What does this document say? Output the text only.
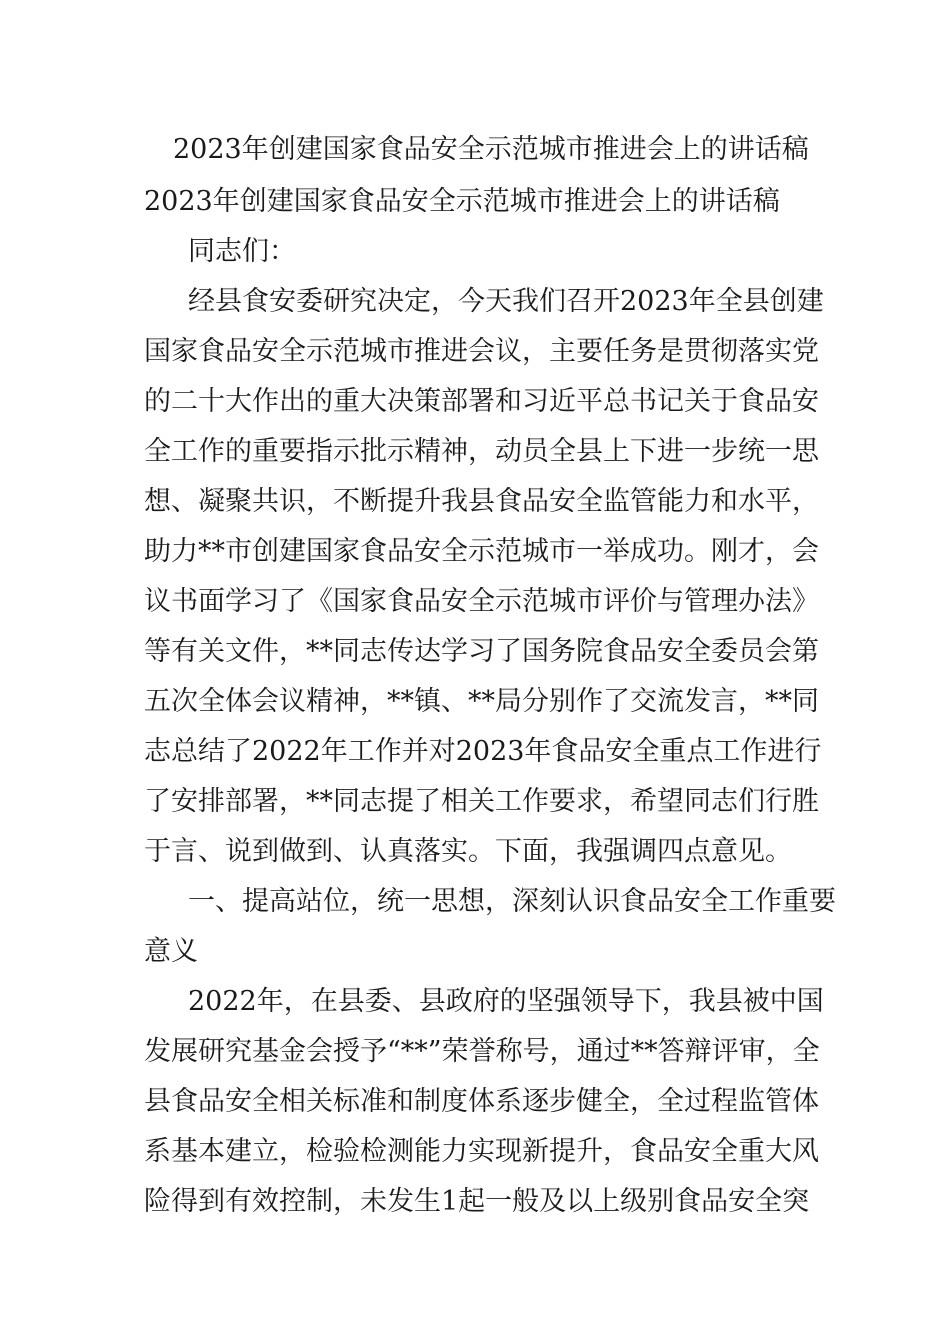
2023年创建国家食品安全示范城市推进会上的讲话稿
2023年创建国家食品安全示范城市推进会上的讲话稿
同志们：
经县食安委研究决定，今天我们召开2023年全县创建
国家食品安全示范城市推进会议，主要任务是贯彻落实党
的二十大作出的重大决策部署和习近平总书记关于食品安
全工作的重要指示批示精神，动员全县上下进一步统一思
想、凝聚共识，不断提升我县食品安全监管能力和水平，
助力**市创建国家食品安全示范城市一举成功。刚才，会
议书面学习了《国家食品安全示范城市评价与管理办法》
等有关文件，**同志传达学习了国务院食品安全委员会第
五次全体会议精神，**镇、**局分别作了交流发言，**同
志总结了2022年工作并对2023年食品安全重点工作进行
了安排部署，**同志提了相关工作要求，希望同志们行胜
于言、说到做到、认真落实。下面，我强调四点意见。
一、提高站位，统一思想，深刻认识食品安全工作重要
意义
2022年，在县委、县政府的坚强领导下，我县被中国
发展研究基金会授予“**”荣誉称号，通过**答辩评审，全
县食品安全相关标准和制度体系逐步健全，全过程监管体
系基本建立，检验检测能力实现新提升，食品安全重大风
险得到有效控制，未发生1起一般及以上级别食品安全突
